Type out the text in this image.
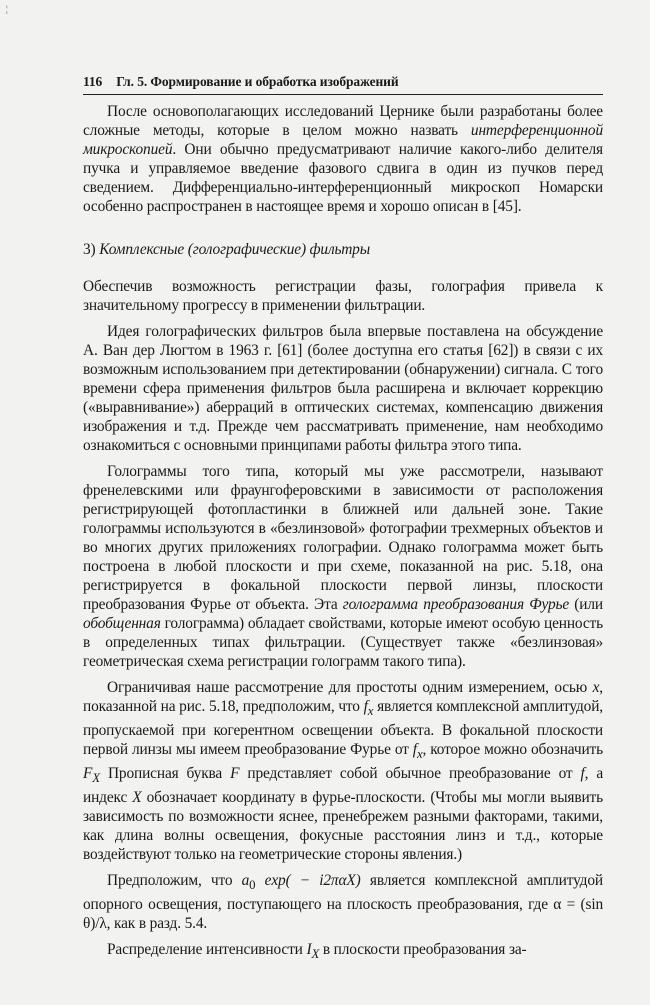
¦
116 Гл. 5. Формирование и обработка изображений

После основополагающих исследований Цернике были разработаны более сложные методы, которые в целом можно назвать интерференционной микроскопией. Они обычно предусматривают наличие какого-либо делителя пучка и управляемое введение фазового сдвига в один из пучков перед сведением. Дифференциально-интерференционный микроскоп Номарски особенно распространен в настоящее время и хорошо описан в [45].

3) Комплексные (голографические) фильтры

Обеспечив возможность регистрации фазы, голография привела к значительному прогрессу в применении фильтрации.

Идея голографических фильтров была впервые поставлена на обсуждение А. Ван дер Люгтом в 1963 г. [61] (более доступна его статья [62]) в связи с их возможным использованием при детектировании (обнаружении) сигнала. С того времени сфера применения фильтров была расширена и включает коррекцию («выравнивание») аберраций в оптических системах, компенсацию движения изображения и т.д. Прежде чем рассматривать применение, нам необходимо ознакомиться с основными принципами работы фильтра этого типа.

Голограммы того типа, который мы уже рассмотрели, называют френелевскими или фраунгоферовскими в зависимости от расположения регистрирующей фотопластинки в ближней или дальней зоне. Такие голограммы используются в «безлинзовой» фотографии трехмерных объектов и во многих других приложениях голографии. Однако голограмма может быть построена в любой плоскости и при схеме, показанной на рис. 5.18, она регистрируется в фокальной плоскости первой линзы, плоскости преобразования Фурье от объекта. Эта голограмма преобразования Фурье (или обобщенная голограмма) обладает свойствами, которые имеют особую ценность в определенных типах фильтрации. (Существует также «безлинзовая» геометрическая схема регистрации голограмм такого типа).

Ограничивая наше рассмотрение для простоты одним измерением, осью x, показанной на рис. 5.18, предположим, что $f_x$ является комплексной амплитудой, пропускаемой при когерентном освещении объекта. В фокальной плоскости первой линзы мы имеем преобразование Фурье от $f_x$, которое можно обозначить $F_X$ Прописная буква F представляет собой обычное преобразование от f, а индекс X обозначает координату в фурье-плоскости. (Чтобы мы могли выявить зависимость по возможности яснее, пренебрежем разными факторами, такими, как длина волны освещения, фокусные расстояния линз и т.д., которые воздействуют только на геометрические стороны явления.)

Предположим, что $a_0$ exp( − i2παX) является комплексной амплитудой опорного освещения, поступающего на плоскость преобразования, где α = (sin θ)/λ, как в разд. 5.4.

Распределение интенсивности $I_X$ в плоскости преобразования за-
